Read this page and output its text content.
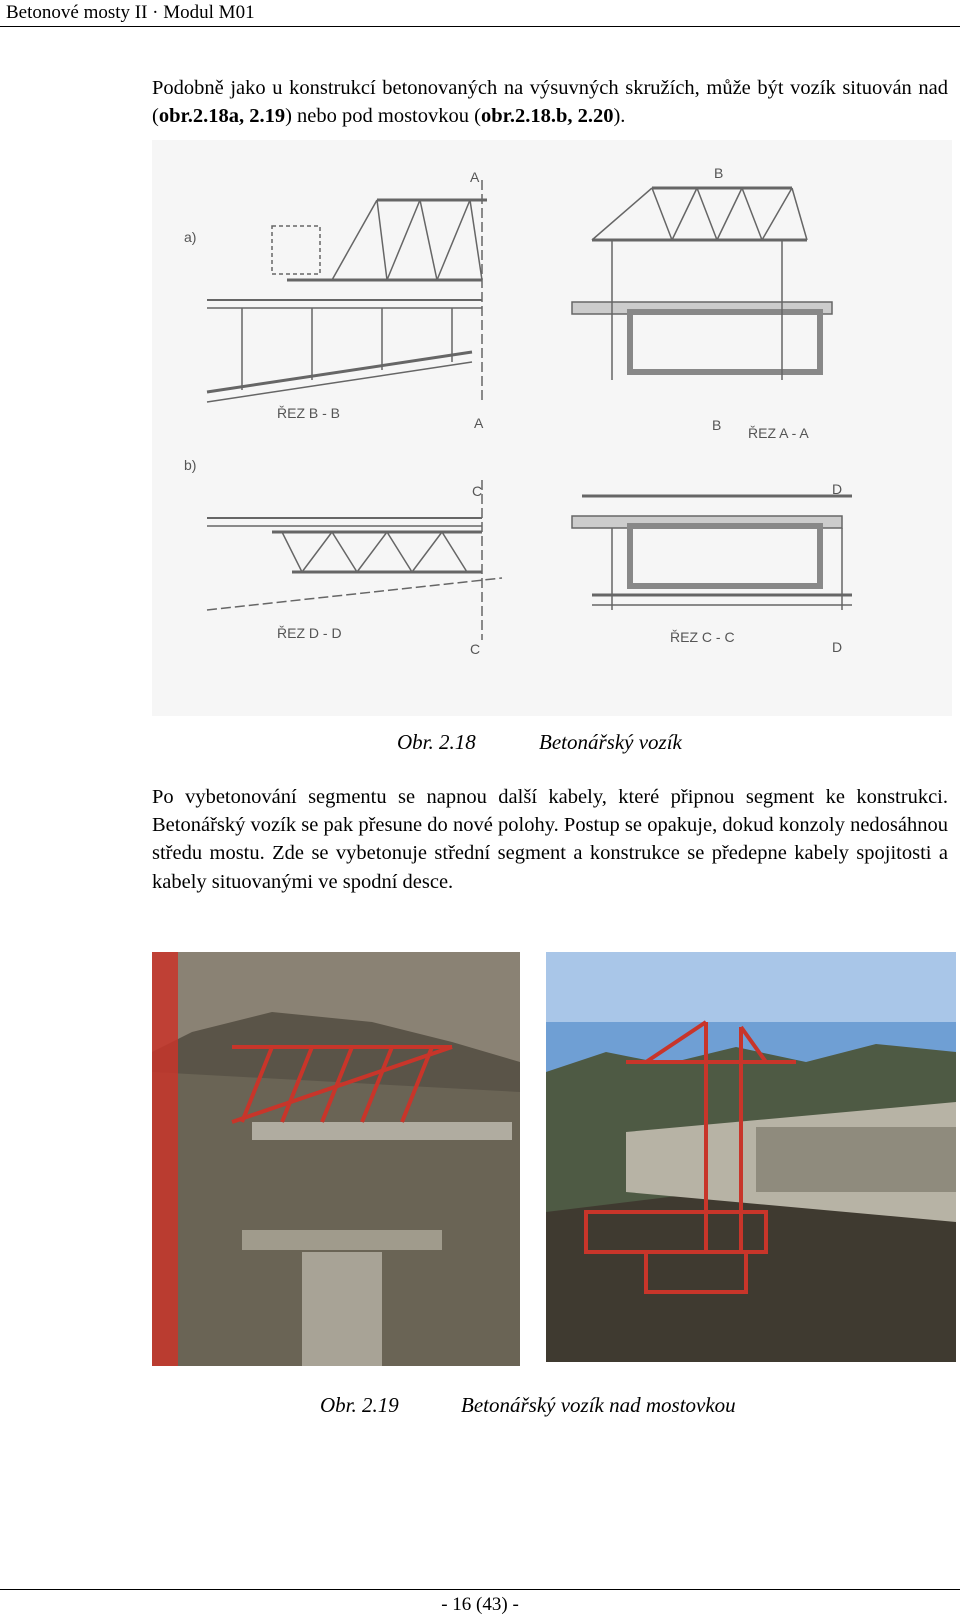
Betonové mosty II · Modul M01

Podobně jako u konstrukcí betonovaných na výsuvných skružích, může být vozík situován nad (obr.2.18a, 2.19) nebo pod mostovkou (obr.2.18.b, 2.20).

a)
b)
A
A
B
B
C
C
D
D
ŘEZ B - B
ŘEZ A - A
ŘEZ D - D	ŘEZ C - C
Obr. 2.18	Betonářský vozík

Po vybetonování segmentu se napnou další kabely, které připnou segment ke konstrukci. Betonářský vozík se pak přesune do nové polohy. Postup se opakuje, dokud konzoly nedosáhnou středu mostu. Zde se vybetonuje střední segment a konstrukce se předepne kabely spojitosti a kabely situovanými ve spodní desce.

Obr. 2.19	Betonářský vozík nad mostovkou
- 16 (43) -
